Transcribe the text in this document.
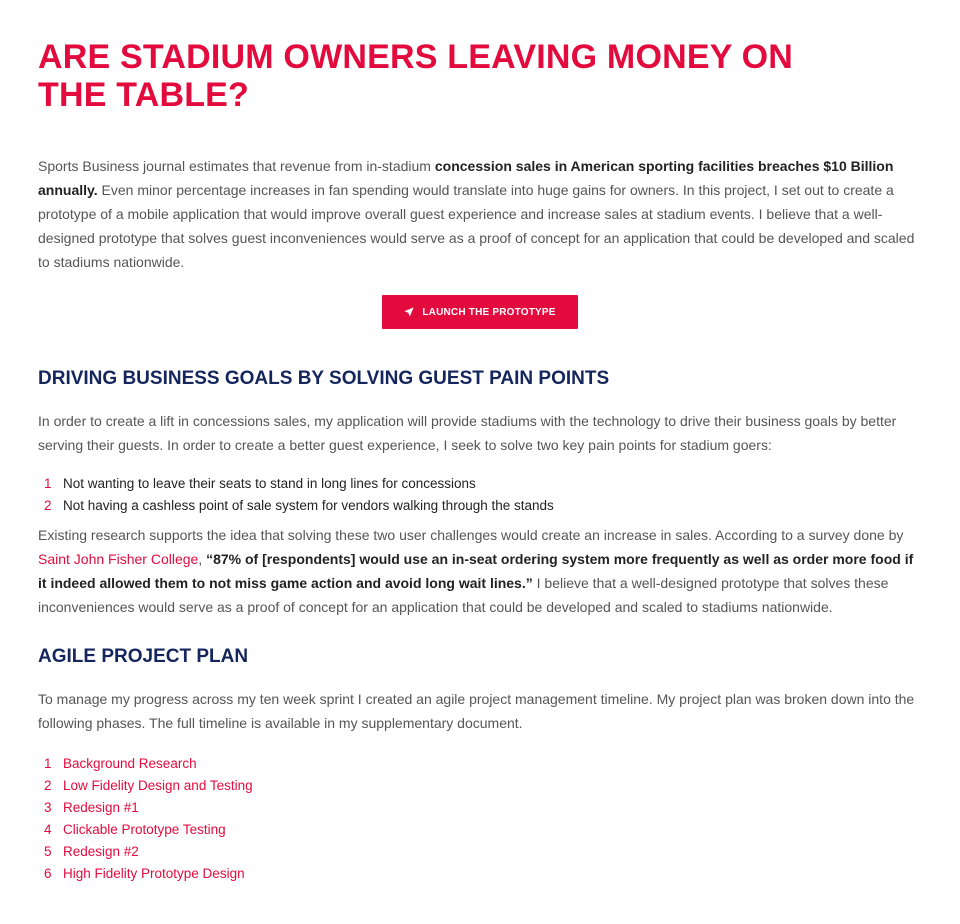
ARE STADIUM OWNERS LEAVING MONEY ON THE TABLE?

Sports Business journal estimates that revenue from in-stadium concession sales in American sporting facilities breaches $10 Billion annually. Even minor percentage increases in fan spending would translate into huge gains for owners. In this project, I set out to create a prototype of a mobile application that would improve overall guest experience and increase sales at stadium events. I believe that a well-designed prototype that solves guest inconveniences would serve as a proof of concept for an application that could be developed and scaled to stadiums nationwide.

LAUNCH THE PROTOTYPE
DRIVING BUSINESS GOALS BY SOLVING GUEST PAIN POINTS

In order to create a lift in concessions sales, my application will provide stadiums with the technology to drive their business goals by better serving their guests. In order to create a better guest experience, I seek to solve two key pain points for stadium goers:

1 Not wanting to leave their seats to stand in long lines for concessions
2 Not having a cashless point of sale system for vendors walking through the stands

Existing research supports the idea that solving these two user challenges would create an increase in sales. According to a survey done by Saint John Fisher College, “87% of [respondents] would use an in-seat ordering system more frequently as well as order more food if it indeed allowed them to not miss game action and avoid long wait lines.” I believe that a well-designed prototype that solves these inconveniences would serve as a proof of concept for an application that could be developed and scaled to stadiums nationwide.

AGILE PROJECT PLAN

To manage my progress across my ten week sprint I created an agile project management timeline. My project plan was broken down into the following phases. The full timeline is available in my supplementary document.

1 Background Research
2 Low Fidelity Design and Testing
3 Redesign #1
4 Clickable Prototype Testing
5 Redesign #2
6 High Fidelity Prototype Design
